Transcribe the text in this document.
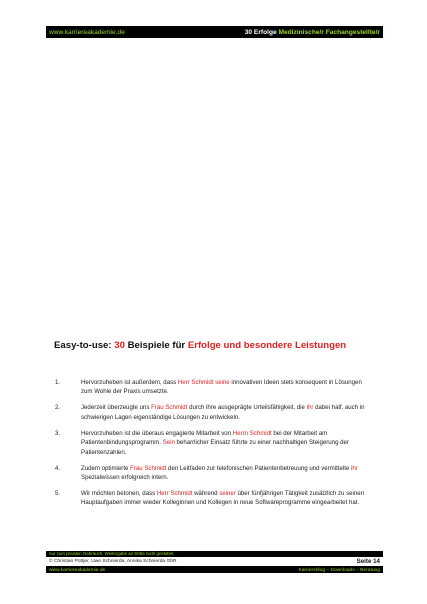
www.karriereakademie.de	30 Erfolge Medizinische/r Fachangestellte/r
Easy-to-use: 30 Beispiele für Erfolge und besondere Leistungen
1.	Hervorzuheben ist außerdem, dass Herr Schmidt seine innovativen Ideen stets konsequent in Lösungen zum Wohle der Praxis umsetzte.
2.	Jederzeit überzeugte uns Frau Schmidt durch ihre ausgeprägte Urteilsfähigkeit, die ihr dabei half, auch in schwierigen Lagen eigenständige Lösungen zu entwickeln.
3.	Hervorzuheben ist die überaus engagierte Mitarbeit von Herrn Schmidt bei der Mitarbeit am Patientenbindungsprogramm. Sein beharrlicher Einsatz führte zu einer nachhaltigen Steigerung der Patientenzahlen.
4.	Zudem optimierte Frau Schmidt den Leitfaden zur telefonischen Patientenbetreuung und vermittelte ihr Spezialwissen erfolgreich intern.
5.	Wir möchten betonen, dass Herr Schmidt während seiner über fünfjährigen Tätigkeit zusätzlich zu seinen Hauptaufgaben immer wieder Kolleginnen und Kollegen in neue Softwareprogramme eingearbeitet hat.
nur zum privaten Gebrauch, Weitergabe an Dritte nicht gestattet
© Christian Püttjer, Uwe Schnierda, Annika Schnierda GbR	Seite 14
www.karriereakademie.de	Karriereblog – Downloads – Beratung
